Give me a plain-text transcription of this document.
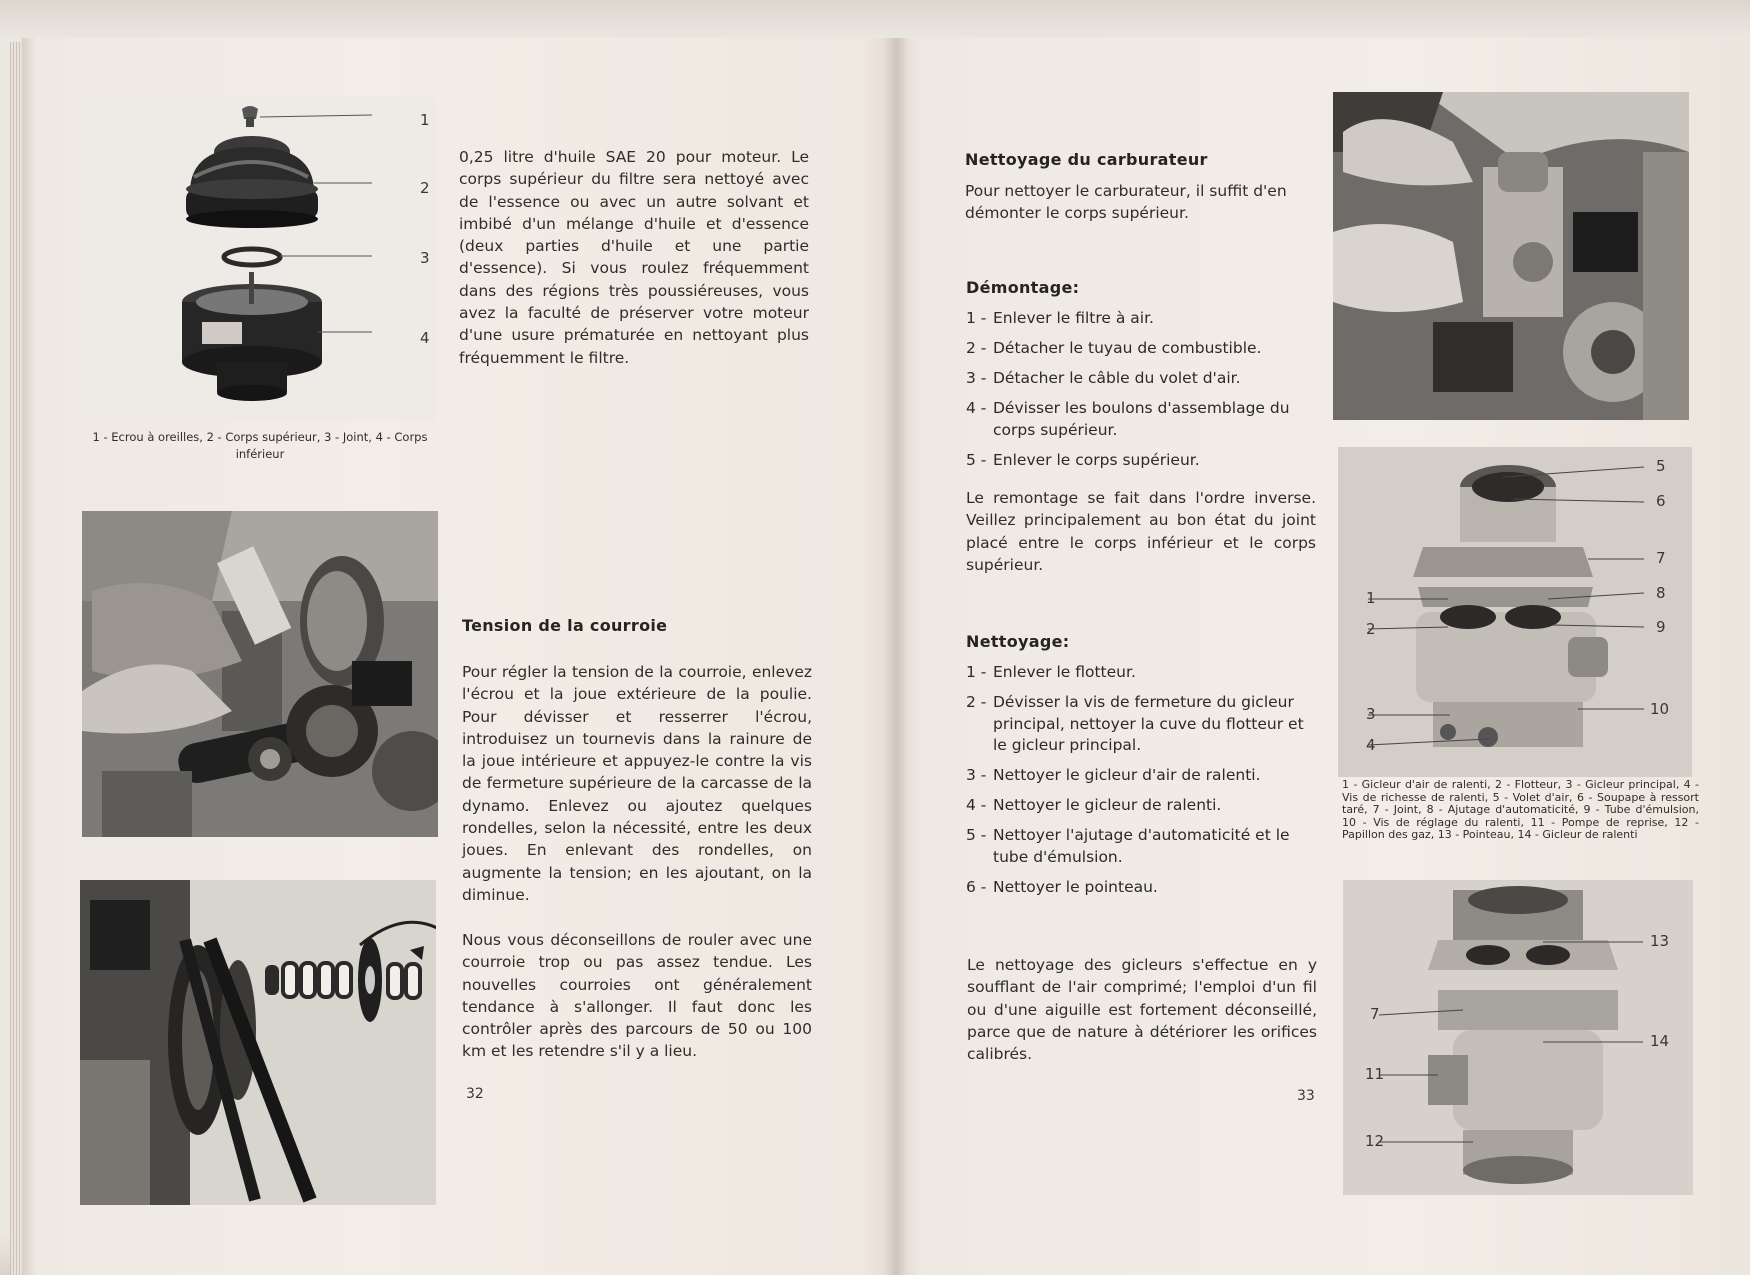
1
2
3
4
1 - Ecrou à oreilles, 2 - Corps supérieur, 3 - Joint, 4 - Corps inférieur
0,25 litre d'huile SAE 20 pour moteur. Le corps supérieur du filtre sera nettoyé avec de l'essence ou avec un autre solvant et imbibé d'un mélange d'huile et d'essence (deux parties d'huile et une partie d'essence). Si vous roulez fréquemment dans des régions très poussiéreuses, vous avez la faculté de préserver votre moteur d'une usure prématurée en nettoyant plus fréquemment le filtre.
Tension de la courroie
Pour régler la tension de la courroie, enlevez l'écrou et la joue extérieure de la poulie. Pour dévisser et resserrer l'écrou, introduisez un tournevis dans la rainure de la joue intérieure et appuyez-le contre la vis de fermeture supérieure de la carcasse de la dynamo. Enlevez ou ajoutez quelques rondelles, selon la nécessité, entre les deux joues. En enlevant des rondelles, on augmente la tension; en les ajoutant, on la diminue.
Nous vous déconseillons de rouler avec une courroie trop ou pas assez tendue. Les nouvelles courroies ont généralement tendance à s'allonger. Il faut donc les contrôler après des parcours de 50 ou 100 km et les retendre s'il y a lieu.
32
Nettoyage du carburateur
Pour nettoyer le carburateur, il suffit d'en démonter le corps supérieur.
Démontage:
1 - Enlever le filtre à air.
2 - Détacher le tuyau de combustible.
3 - Détacher le câble du volet d'air.
4 - Dévisser les boulons d'assemblage du corps supérieur.
5 - Enlever le corps supérieur.
Le remontage se fait dans l'ordre inverse. Veillez principalement au bon état du joint placé entre le corps inférieur et le corps supérieur.
Nettoyage:
1 - Enlever le flotteur.
2 - Dévisser la vis de fermeture du gicleur principal, nettoyer la cuve du flotteur et le gicleur principal.
3 - Nettoyer le gicleur d'air de ralenti.
4 - Nettoyer le gicleur de ralenti.
5 - Nettoyer l'ajutage d'automaticité et le tube d'émulsion.
6 - Nettoyer le pointeau.
Le nettoyage des gicleurs s'effectue en y soufflant de l'air comprimé; l'emploi d'un fil ou d'une aiguille est fortement déconseillé, parce que de nature à détériorer les orifices calibrés.
33
5
6
7
8
9
10
1
2
3
4
1 - Gicleur d'air de ralenti, 2 - Flotteur, 3 - Gicleur principal, 4 - Vis de richesse de ralenti, 5 - Volet d'air, 6 - Soupape à ressort taré, 7 - Joint, 8 - Ajutage d'automaticité, 9 - Tube d'émulsion, 10 - Vis de réglage du ralenti, 11 - Pompe de reprise, 12 - Papillon des gaz, 13 - Pointeau, 14 - Gicleur de ralenti
13
7
14
11
12
